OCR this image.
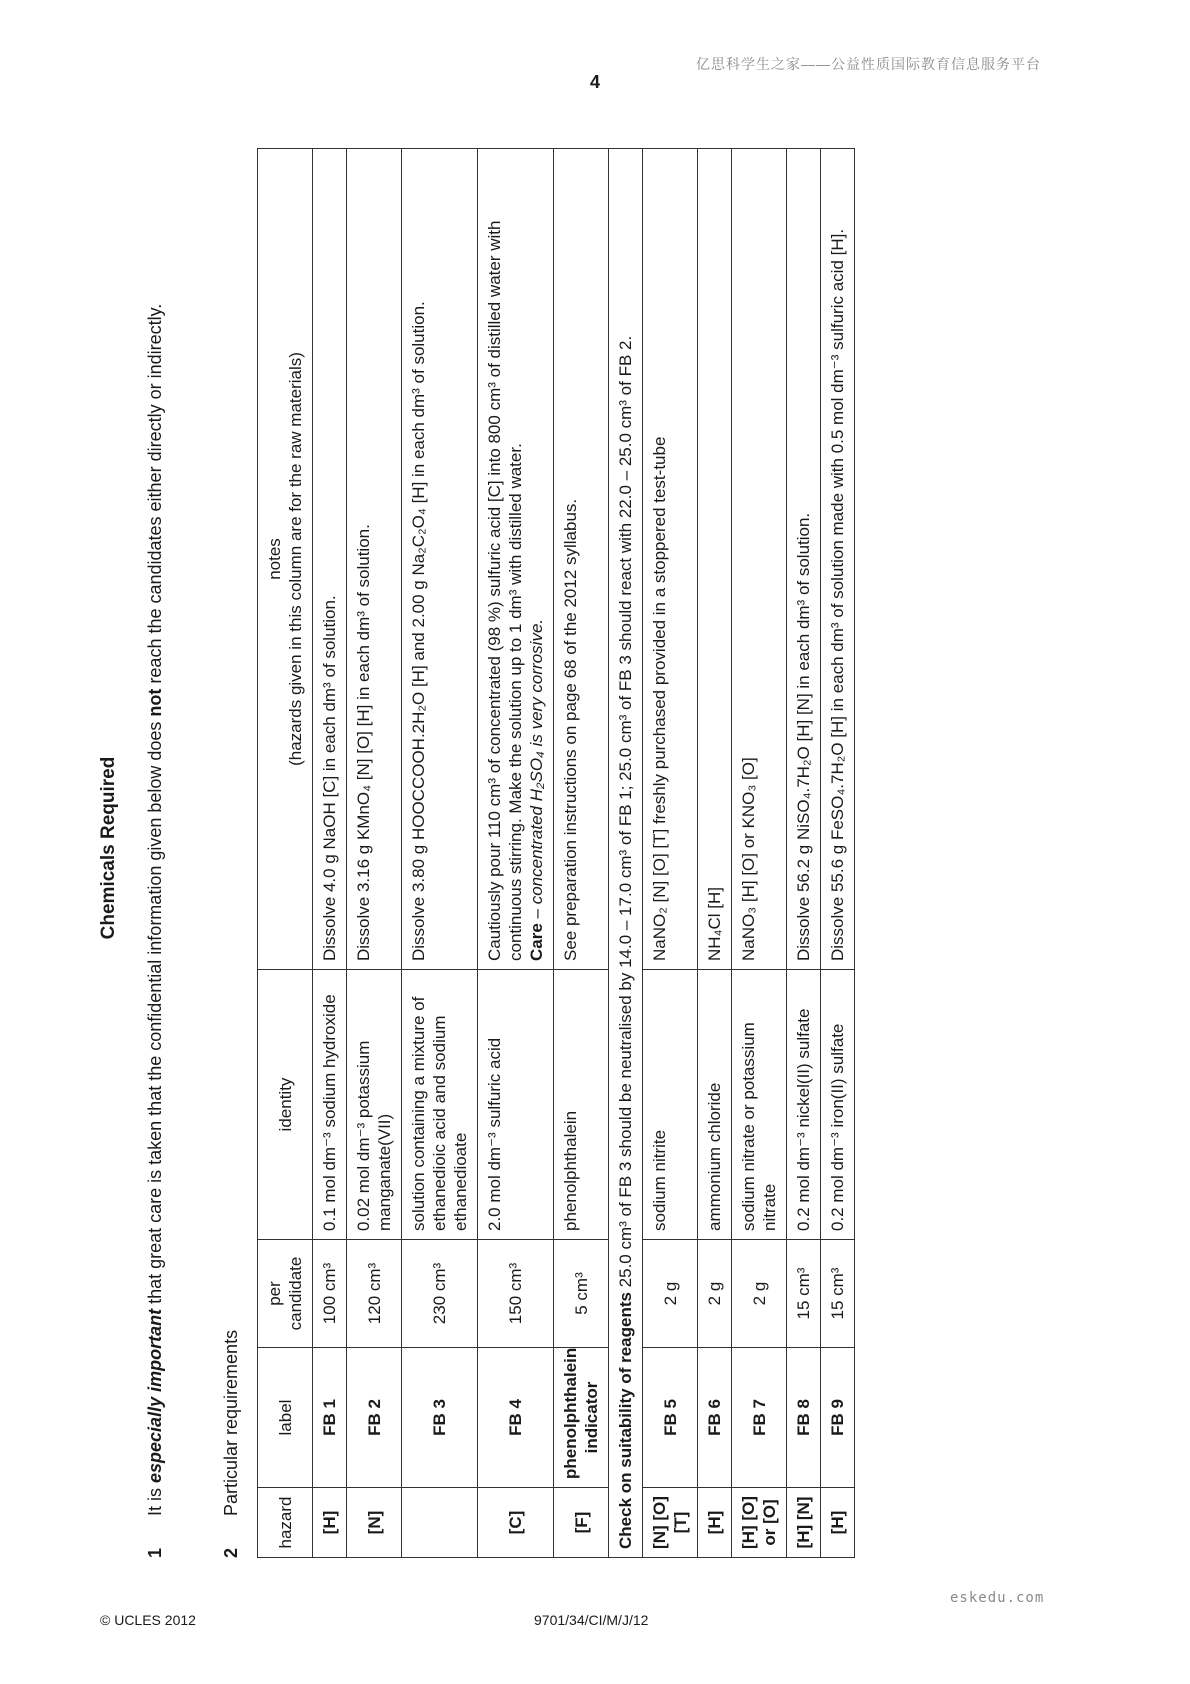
亿思科学生之家——公益性质国际教育信息服务平台
4
Chemicals Required
1
It is especially important that great care is taken that the confidential information given below does not reach the candidates either directly or indirectly.
2
Particular requirements
hazard	label	per candidate	identity	notes (hazards given in this column are for the raw materials)

[H]	FB 1	100 cm³	0.1 mol dm⁻³ sodium hydroxide	Dissolve 4.0 g NaOH [C] in each dm³ of solution.
[N]	FB 2	120 cm³	0.02 mol dm⁻³ potassium manganate(VII)	Dissolve 3.16 g KMnO₄ [N] [O] [H] in each dm³ of solution.
	FB 3	230 cm³	solution containing a mixture of ethanedioic acid and sodium ethanedioate	Dissolve 3.80 g HOOCCOOH.2H₂O [H] and 2.00 g Na₂C₂O₄ [H] in each dm³ of solution.
[C]	FB 4	150 cm³	2.0 mol dm⁻³ sulfuric acid	Cautiously pour 110 cm³ of concentrated (98 %) sulfuric acid [C] into 800 cm³ of distilled water with continuous stirring. Make the solution up to 1 dm³ with distilled water. Care – concentrated H₂SO₄ is very corrosive.

[F]	phenolphthalein indicator	5 cm³	phenolphthalein	See preparation instructions on page 68 of the 2012 syllabus.
Check on suitability of reagents 25.0 cm³ of FB 3 should be neutralised by 14.0 – 17.0 cm³ of FB 1; 25.0 cm³ of FB 3 should react with 22.0 – 25.0 cm³ of FB 2.				
[N] [O] [T]	FB 5	2 g	sodium nitrite	NaNO₂ [N] [O] [T] freshly purchased provided in a stoppered test-tube
[H]	FB 6	2 g	ammonium chloride	NH₄Cl [H]
[H] [O] or [O]	FB 7	2 g	sodium nitrate or potassium nitrate	NaNO₃ [H] [O] or KNO₃ [O]
[H] [N]	FB 8	15 cm³	0.2 mol dm⁻³ nickel(II) sulfate	Dissolve 56.2 g NiSO₄.7H₂O [H] [N] in each dm³ of solution.
[H]	FB 9	15 cm³	0.2 mol dm⁻³ iron(II) sulfate	Dissolve 55.6 g FeSO₄.7H₂O [H] in each dm³ of solution made with 0.5 mol dm⁻³ sulfuric acid [H].
eskedu.com
© UCLES 2012	9701/34/CI/M/J/12
